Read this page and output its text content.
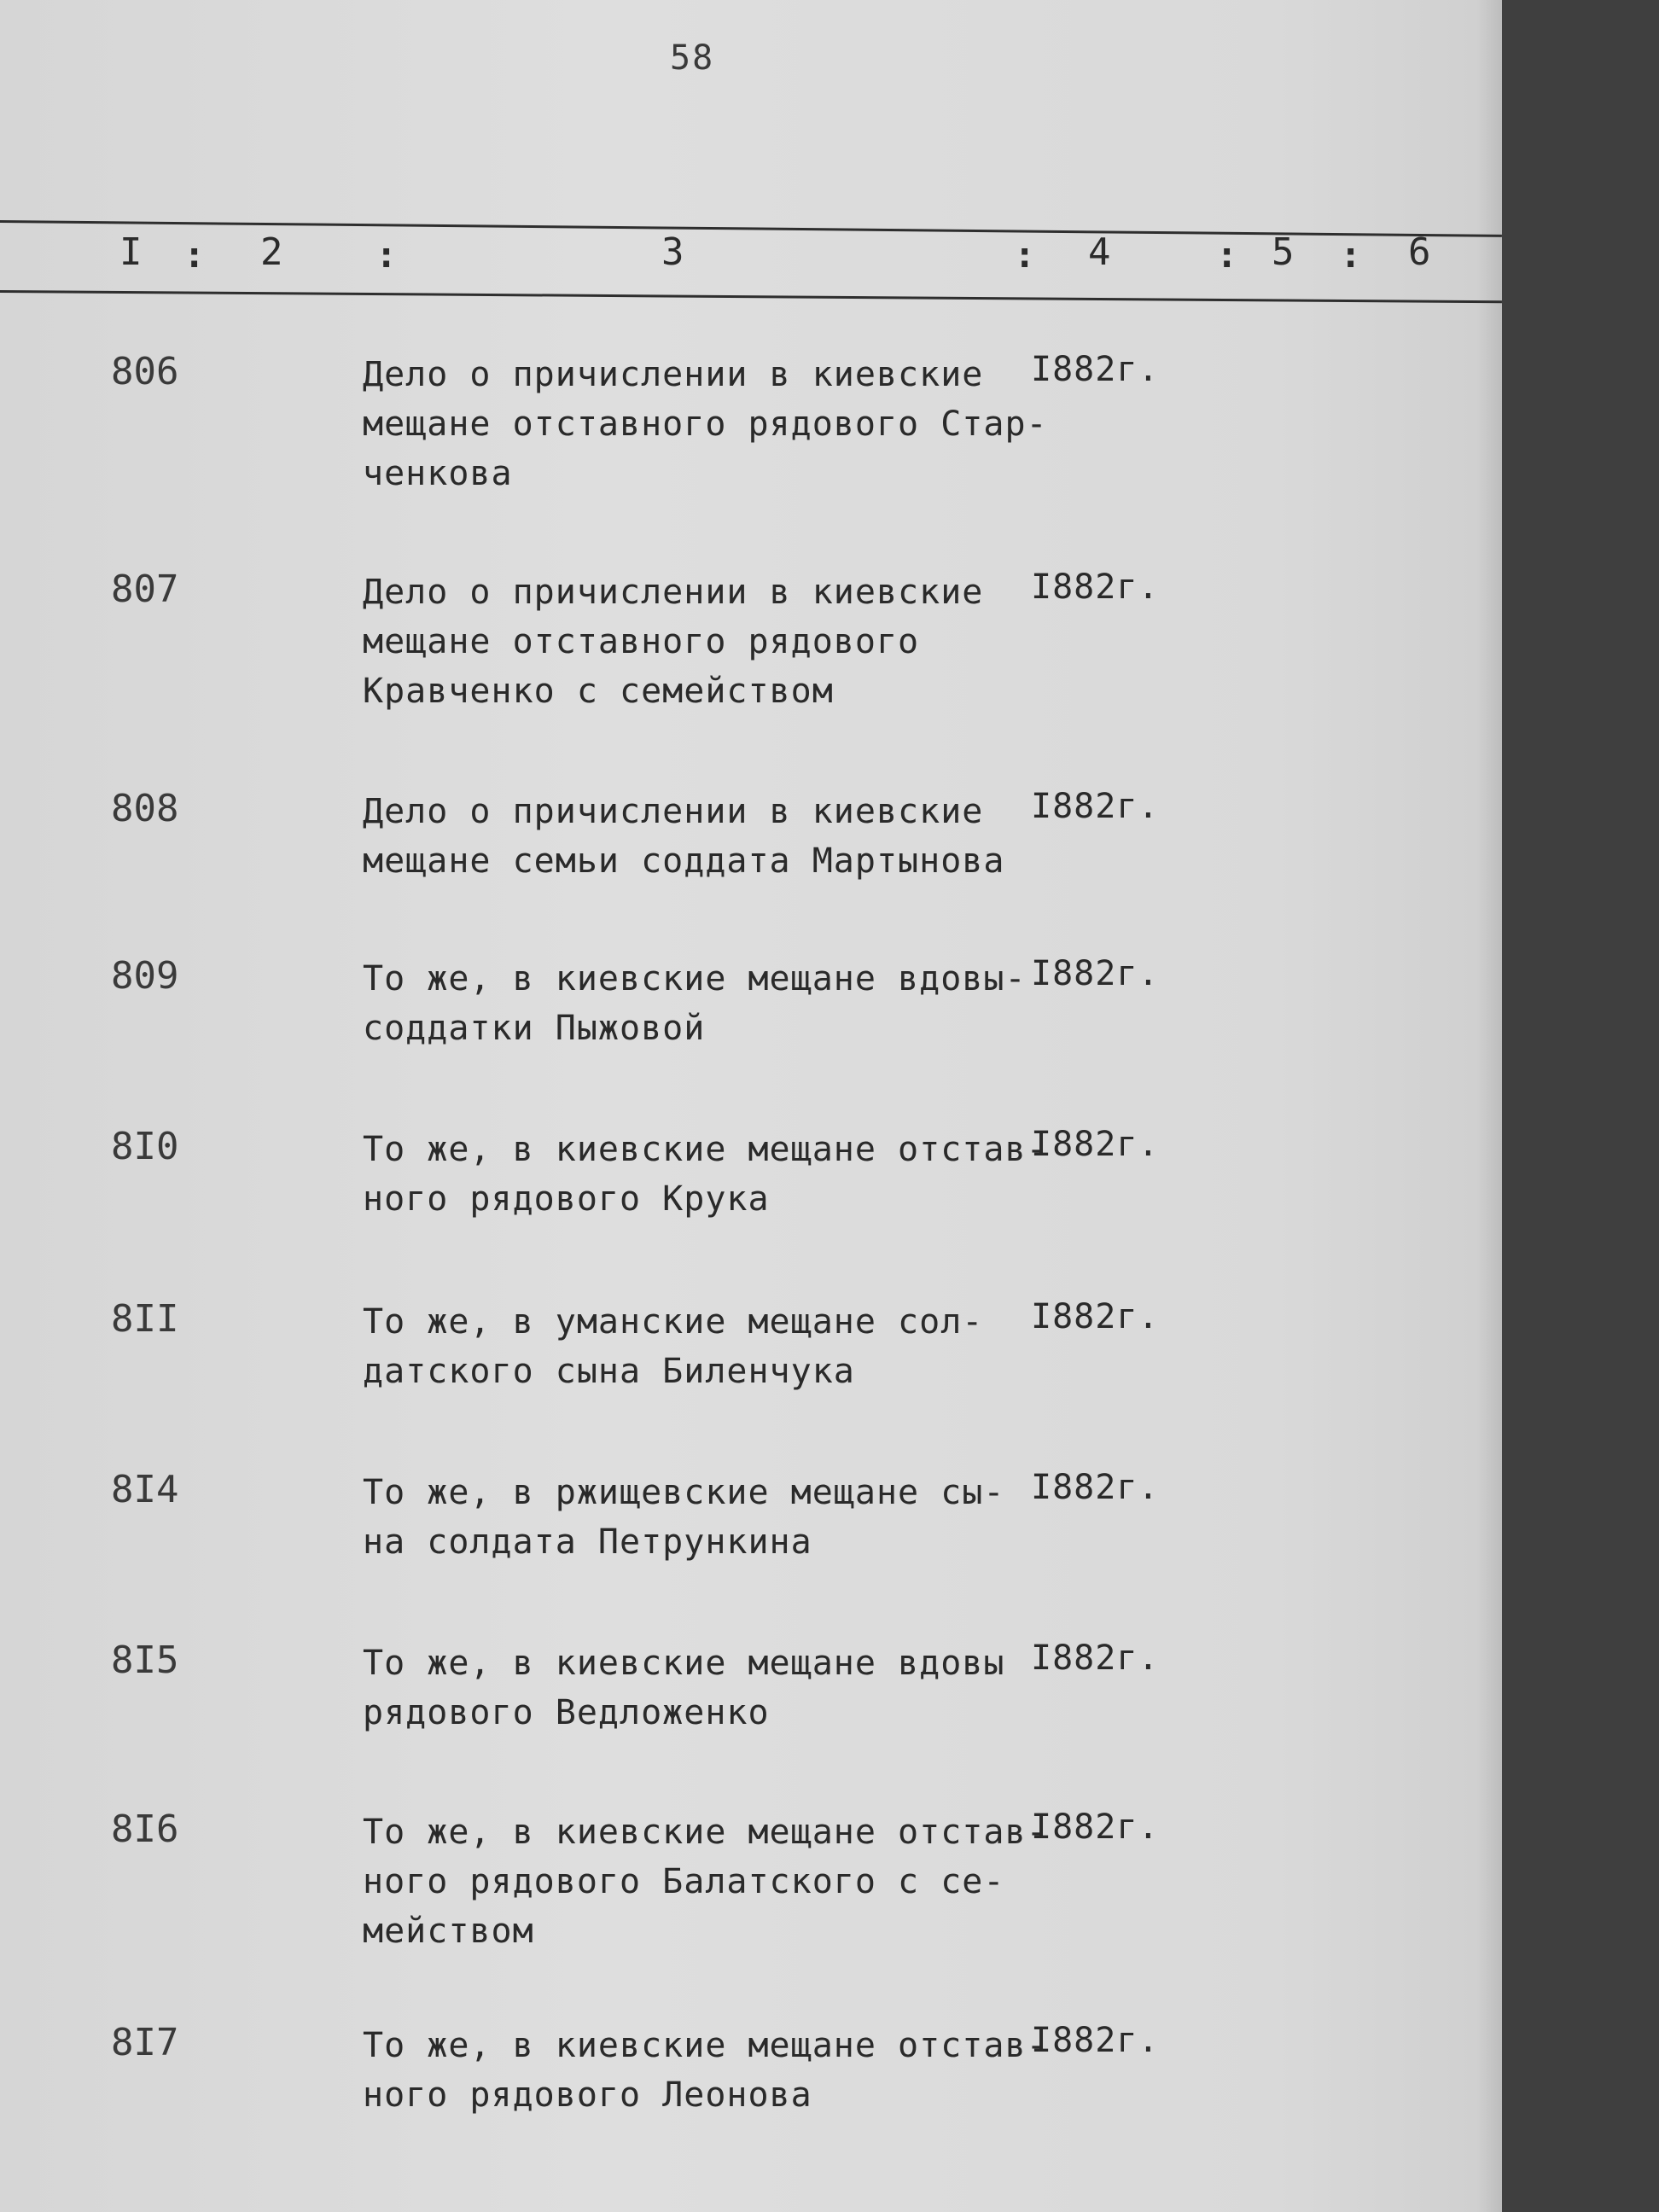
58
I : 2	:	3	: 4	: 5 : 6
806	Дело о причислении в киевские
мещане отставного рядового Стар-
ченкова
I882г.
807	Дело о причислении в киевские
мещане отставного рядового
Кравченко с семейством
I882г.
808	Дело о причислении в киевские
мещане семьи соддата Мартынова
I882г.
809	То же, в киевские мещане вдовы-
соддатки Пыжовой
I882г.
8I0	То же, в киевские мещане отстав-
ного рядового Крука
I882г.
8II	То же, в уманские мещане сол-
датского сына Биленчука
I882г.
8I4	То же, в ржищевские мещане сы-
на солдата Петрункина
I882г.
8I5	То же, в киевские мещане вдовы
рядового Ведложенко
I882г.
8I6	То же, в киевские мещане отстав-
ного рядового Балатского с се-
мейством
I882г.
8I7	То же, в киевские мещане отстав-
ного рядового Леонова
I882г.
